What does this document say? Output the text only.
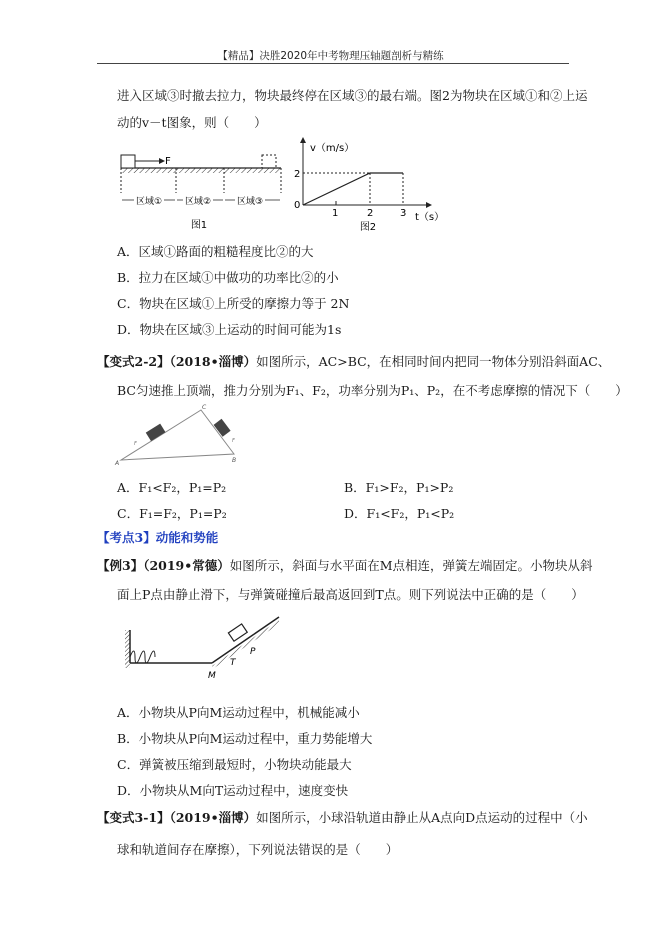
【精品】决胜2020年中考物理压轴题剖析与精练
进入区域③时撤去拉力，物块最终停在区域③的最右端。图2为物块在区域①和②上运
动的v－t图象，则（　　）
F
区域①	区域②	区域③
图1
v（m/s）
t（s）
2
0
1	2	3
图2
A．区域①路面的粗糙程度比②的大
B．拉力在区域①中做功的功率比②的小
C．物块在区域①上所受的摩擦力等于 2N
D．物块在区域③上运动的时间可能为1s
【变式2-2】（2018•淄博）如图所示，AC>BC，在相同时间内把同一物体分别沿斜面AC、
BC匀速推上顶端，推力分别为F₁、F₂，功率分别为P₁、P₂，在不考虑摩擦的情况下（　　）
A	B
C
F	F
A．F₁<F₂，P₁=P₂	B．F₁>F₂，P₁>P₂
C．F₁=F₂，P₁=P₂	D．F₁<F₂，P₁<P₂
【考点3】动能和势能
【例3】（2019•常德）如图所示，斜面与水平面在M点相连，弹簧左端固定。小物块从斜
面上P点由静止滑下，与弹簧碰撞后最高返回到T点。则下列说法中正确的是（　　）
P
T
M
A．小物块从P向M运动过程中，机械能减小
B．小物块从P向M运动过程中，重力势能增大
C．弹簧被压缩到最短时，小物块动能最大
D．小物块从M向T运动过程中，速度变快
【变式3-1】（2019•淄博）如图所示，小球沿轨道由静止从A点向D点运动的过程中（小
球和轨道间存在摩擦），下列说法错误的是（　　）
